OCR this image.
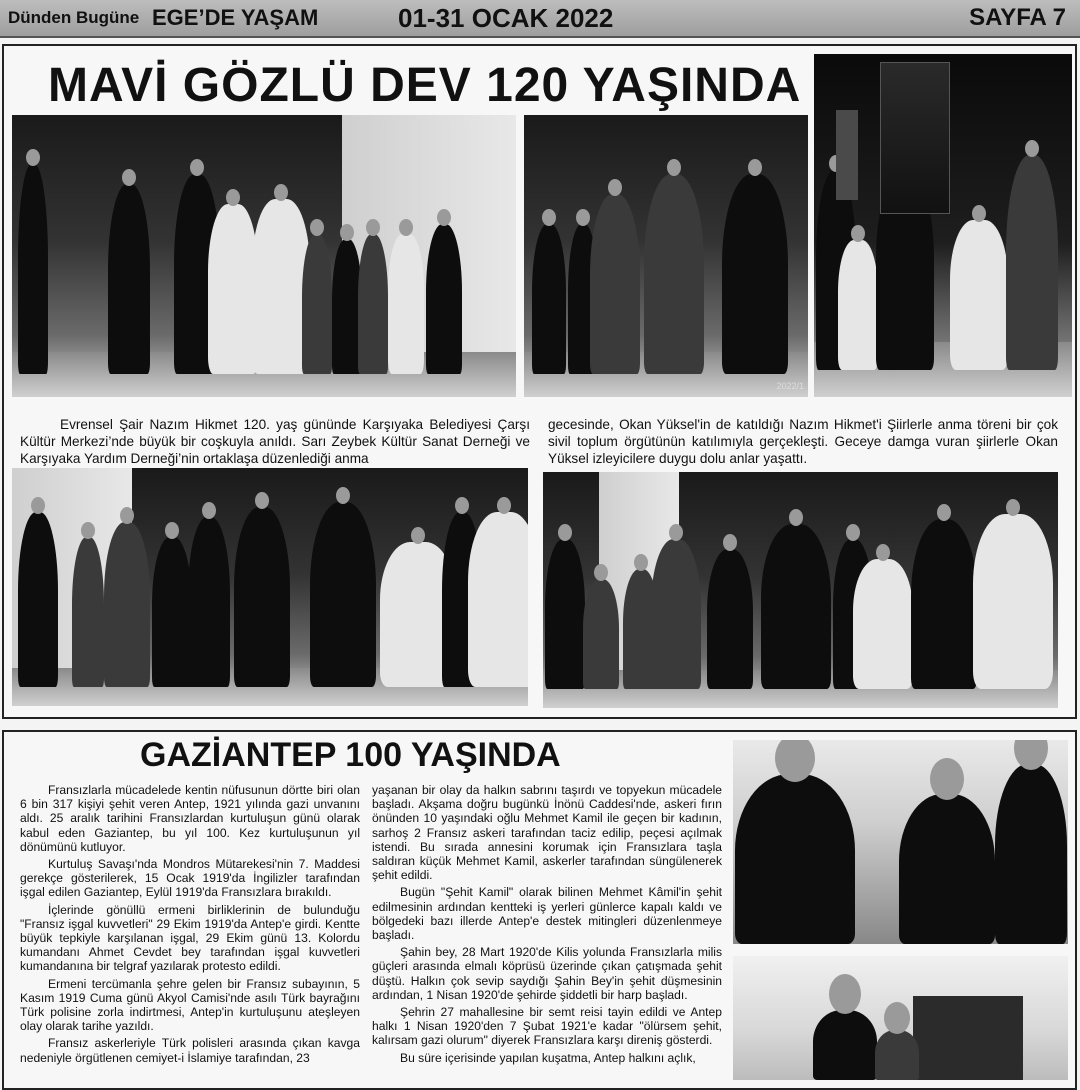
Dünden Bugüne EGE’DE YAŞAM	01-31 OCAK 2022	SAYFA 7
MAVİ GÖZLÜ DEV 120 YAŞINDA
2022/1

Evrensel Şair Nazım Hikmet 120. yaş gününde Karşıyaka Belediyesi Çarşı Kültür Merkezi’nde büyük bir coşkuyla anıldı. Sarı Zeybek Kültür Sanat Derneği ve Karşıyaka Yardım Derneği’nin ortaklaşa düzenlediği anma

gecesinde, Okan Yüksel'in de katıldığı Nazım Hikmet'i Şiirlerle anma töreni bir çok sivil toplum örgütünün katılımıyla gerçekleşti. Geceye damga vuran şiirlerle Okan Yüksel izleyicilere duygu dolu anlar yaşattı.

GAZİANTEP 100 YAŞINDA

Fransızlarla mücadelede kentin nüfusunun dörtte biri olan 6 bin 317 kişiyi şehit veren Antep, 1921 yılında gazi unvanını aldı. 25 aralık tarihini Fransızlardan kurtuluşun günü olarak kabul eden Gaziantep, bu yıl 100. Kez kurtuluşunun yıl dönümünü kutluyor.

Kurtuluş Savaşı'nda Mondros Mütarekesi'nin 7. Maddesi gerekçe gösterilerek, 15 Ocak 1919'da İngilizler tarafından işgal edilen Gaziantep, Eylül 1919'da Fransızlara bırakıldı.

İçlerinde gönüllü ermeni birliklerinin de bulunduğu "Fransız işgal kuvvetleri" 29 Ekim 1919'da Antep'e girdi. Kentte büyük tepkiyle karşılanan işgal, 29 Ekim günü 13. Kolordu kumandanı Ahmet Cevdet bey tarafından işgal kuvvetleri kumandanına bir telgraf yazılarak protesto edildi.

Ermeni tercümanla şehre gelen bir Fransız subayının, 5 Kasım 1919 Cuma günü Akyol Camisi'nde asılı Türk bayrağını Türk polisine zorla indirtmesi, Antep'in kurtuluşunu ateşleyen olay olarak tarihe yazıldı.

Fransız askerleriyle Türk polisleri arasında çıkan kavga nedeniyle örgütlenen cemiyet-i İslamiye tarafından, 23

yaşanan bir olay da halkın sabrını taşırdı ve topyekun mücadele başladı. Akşama doğru bugünkü İnönü Caddesi'nde, askeri fırın önünden 10 yaşındaki oğlu Mehmet Kamil ile geçen bir kadının, sarhoş 2 Fransız askeri tarafından taciz edilip, peçesi açılmak istendi. Bu sırada annesini korumak için Fransızlara taşla saldıran küçük Mehmet Kamil, askerler tarafından süngülenerek şehit edildi.

Bugün "Şehit Kamil" olarak bilinen Mehmet Kâmil'in şehit edilmesinin ardından kentteki iş yerleri günlerce kapalı kaldı ve bölgedeki bazı illerde Antep'e destek mitingleri düzenlenmeye başladı.

Şahin bey, 28 Mart 1920'de Kilis yolunda Fransızlarla milis güçleri arasında elmalı köprüsü üzerinde çıkan çatışmada şehit düştü. Halkın çok sevip saydığı Şahin Bey'in şehit düşmesinin ardından, 1 Nisan 1920'de şehirde şiddetli bir harp başladı.

Şehrin 27 mahallesine bir semt reisi tayin edildi ve Antep halkı 1 Nisan 1920'den 7 Şubat 1921'e kadar "ölürsem şehit, kalırsam gazi olurum" diyerek Fransızlara karşı direniş gösterdi.

Bu süre içerisinde yapılan kuşatma, Antep halkını açlık,
